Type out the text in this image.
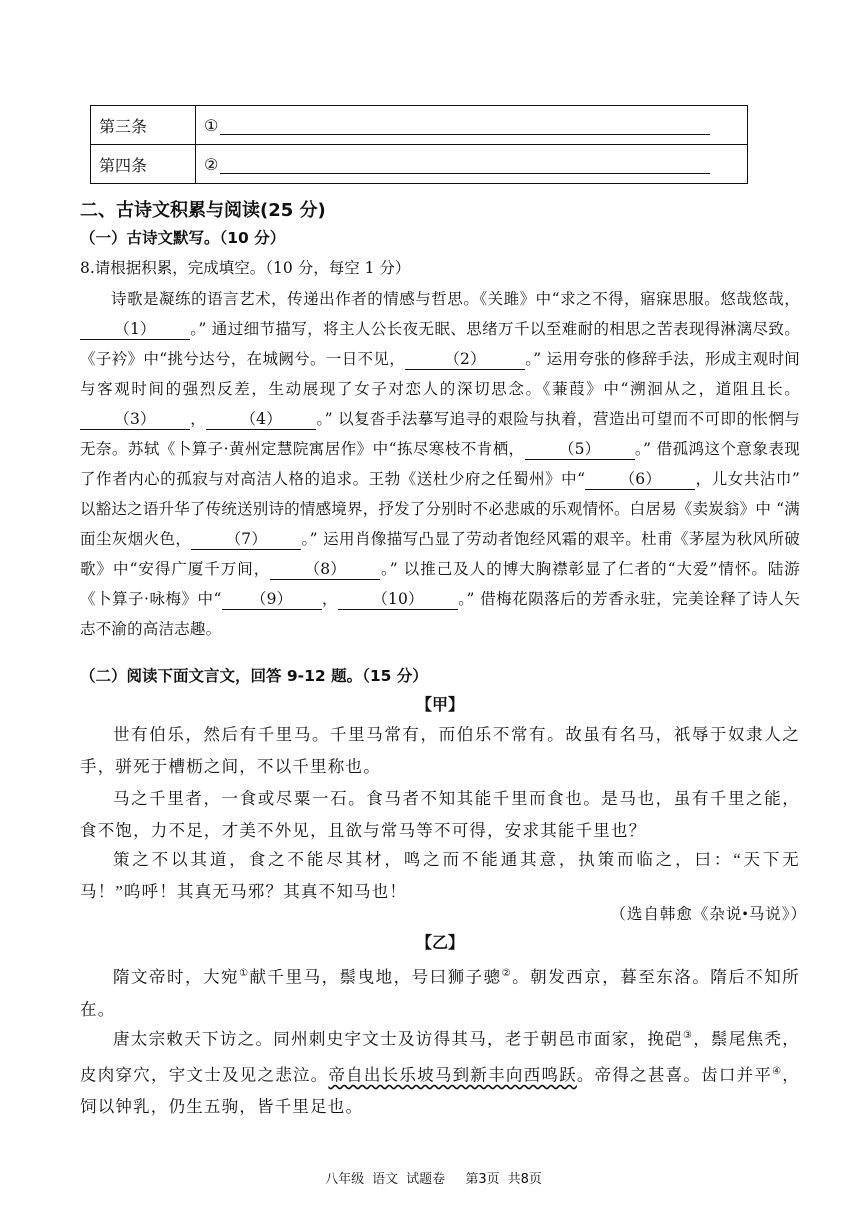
第三条	①
第四条	②
二、古诗文积累与阅读(25 分)
（一）古诗文默写。（10 分）
8.请根据积累，完成填空。（10 分，每空 1 分）
诗歌是凝练的语言艺术，传递出作者的情感与哲思。《关雎》中“求之不得，寤寐思服。悠哉悠哉，（1） 。” 通过细节描写，将主人公长夜无眠、思绪万千以至难耐的相思之苦表现得淋漓尽致。《子衿》中“挑兮达兮，在城阙兮。一日不见，	（2）	。” 运用夸张的修辞手法，形成主观时间与客观时间的强烈反差，生动展现了女子对恋人的深切思念。《蒹葭》中“溯洄从之，道阻且长。（3） ， （4） 。” 以复沓手法摹写追寻的艰险与执着，营造出可望而不可即的怅惘与无奈。苏轼《卜算子·黄州定慧院寓居作》中“拣尽寒枝不肯栖， （5） 。” 借孤鸿这个意象表现了作者内心的孤寂与对高洁人格的追求。王勃《送杜少府之任蜀州》中“ （6） ，儿女共沾巾” 以豁达之语升华了传统送别诗的情感境界，抒发了分别时不必悲戚的乐观情怀。白居易《卖炭翁》中 “满面尘灰烟火色， （7） 。” 运用肖像描写凸显了劳动者饱经风霜的艰辛。杜甫《茅屋为秋风所破歌》中“安得广厦千万间， （8） 。” 以推己及人的博大胸襟彰显了仁者的“大爱”情怀。陆游《卜算子·咏梅》中“ （9） ， （10） 。” 借梅花陨落后的芳香永驻，完美诠释了诗人矢志不渝的高洁志趣。
（二）阅读下面文言文，回答 9-12 题。（15 分）
【甲】
世有伯乐，然后有千里马。千里马常有，而伯乐不常有。故虽有名马，祇辱于奴隶人之手，骈死于槽枥之间，不以千里称也。
马之千里者，一食或尽粟一石。食马者不知其能千里而食也。是马也，虽有千里之能，食不饱，力不足，才美不外见，且欲与常马等不可得，安求其能千里也？
策之不以其道，食之不能尽其材，鸣之而不能通其意，执策而临之，曰：“天下无马！”呜呼！其真无马邪？其真不知马也！
（选自韩愈《杂说•马说》）
【乙】
隋文帝时，大宛①献千里马，鬃曳地，号曰狮子骢②。朝发西京，暮至东洛。隋后不知所在。
唐太宗敕天下访之。同州刺史宇文士及访得其马，老于朝邑市面家，挽硙③，鬃尾焦秃，皮肉穿穴，宇文士及见之悲泣。帝自出长乐坡马到新丰向西鸣跃。帝得之甚喜。齿口并平④，饲以钟乳，仍生五驹，皆千里足也。
八年级 语文 试题卷 第3页 共8页
